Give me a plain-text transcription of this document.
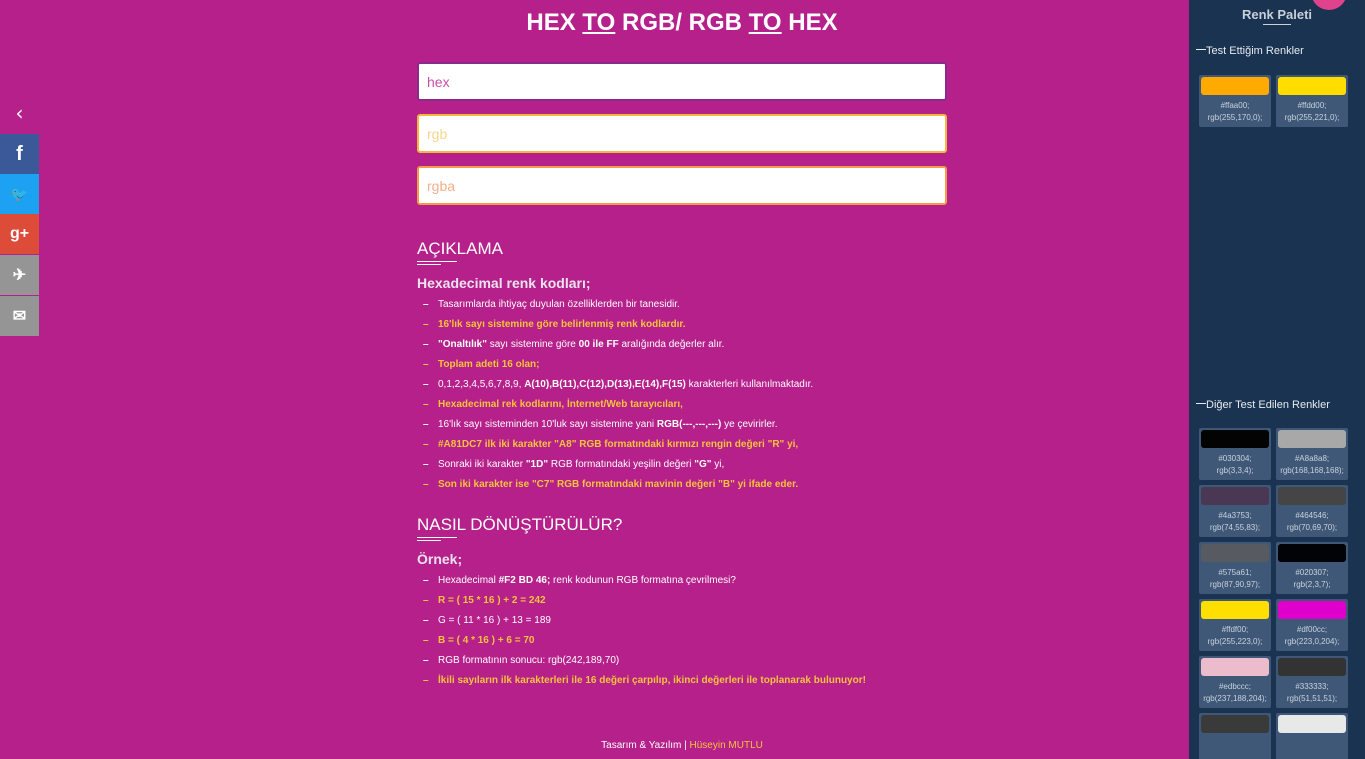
‹
f
🐦
g+
✈
✉
HEX TO RGB/ RGB TO HEX
hex
rgb
rgba
AÇIKLAMA
Hexadecimal renk kodları;
– Tasarımlarda ihtiyaç duyulan özelliklerden bir tanesidir.
– 16'lık sayı sistemine göre belirlenmiş renk kodlardır.
– "Onaltılık" sayı sistemine göre 00 ile FF aralığında değerler alır.
– Toplam adeti 16 olan;
– 0,1,2,3,4,5,6,7,8,9, A(10),B(11),C(12),D(13),E(14),F(15) karakterleri kullanılmaktadır.
– Hexadecimal rek kodlarını, İnternet/Web tarayıcıları,
– 16'lık sayı sisteminden 10'luk sayı sistemine yani RGB(---,---,---) ye çevirirler.
– #A81DC7 ilk iki karakter "A8" RGB formatındaki kırmızı rengin değeri "R" yi,
– Sonraki iki karakter "1D" RGB formatındaki yeşilin değeri "G" yi,
– Son iki karakter ise "C7" RGB formatındaki mavinin değeri "B" yi ifade eder.
NASIL DÖNÜŞTÜRÜLÜR?
Örnek;
– Hexadecimal #F2 BD 46; renk kodunun RGB formatına çevrilmesi?
– R = ( 15 * 16 ) + 2 = 242
– G = ( 11 * 16 ) + 13 = 189
– B = ( 4 * 16 ) + 6 = 70
– RGB formatının sonucu: rgb(242,189,70)
– İkili sayıların ilk karakterleri ile 16 değeri çarpılıp, ikinci değerleri ile toplanarak bulunuyor!
Tasarım & Yazılım | Hüseyin MUTLU
Renk Paleti
Test Ettiğim Renkler
Diğer Test Edilen Renkler
#ffaa00;
rgb(255,170,0);
#ffdd00;
rgb(255,221,0);
#030304;
rgb(3,3,4);
#A8a8a8;
rgb(168,168,168);
#4a3753;
rgb(74,55,83);
#464546;
rgb(70,69,70);
#575a61;
rgb(87,90,97);
#020307;
rgb(2,3,7);
#ffdf00;
rgb(255,223,0);
#df00cc;
rgb(223,0,204);
#edbccc;
rgb(237,188,204);
#333333;
rgb(51,51,51);
